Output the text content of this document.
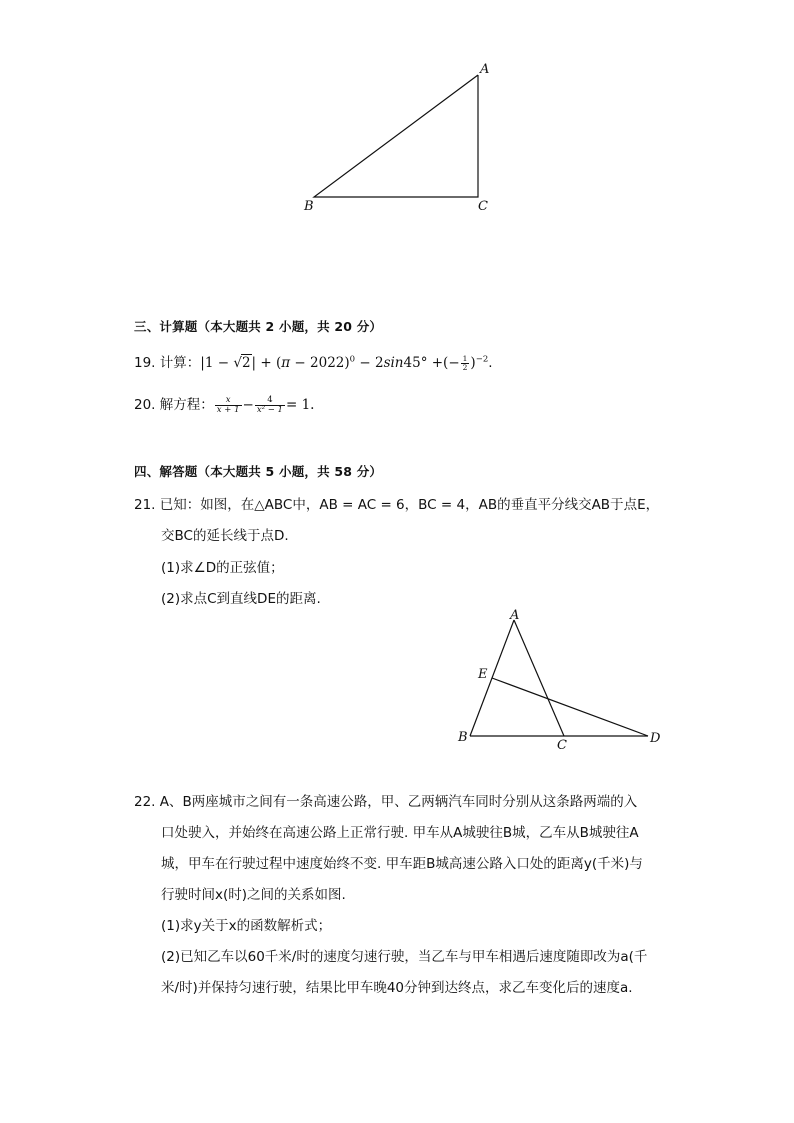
A
B	C
三、计算题（本大题共 2 小题，共 20 分）
19. 计算：$|1 - √2| + (\pi - 2022)^0 - 2\sin 45^\circ$ +(− $\frac{1}{2} )^{-2}$.
20. 解方程： $\frac{x}{x + 1} - \frac{4}{\text{x² − 1}} = 1$.
四、解答题（本大题共 5 小题，共 58 分）
21. 已知：如图，在△ABC中，AB = AC = 6，BC = 4，AB的垂直平分线交AB于点E，
交BC的延长线于点D.
(1)求∠D的正弦值；
(2)求点C到直线DE的距离.
A
E
B
C	D
22. A、B两座城市之间有一条高速公路，甲、乙两辆汽车同时分别从这条路两端的入
口处驶入，并始终在高速公路上正常行驶. 甲车从A城驶往B城，乙车从B城驶往A
城，甲车在行驶过程中速度始终不变. 甲车距B城高速公路入口处的距离y(千米)与
行驶时间x(时)之间的关系如图.
(1)求y关于x的函数解析式；
(2)已知乙车以60千米/时的速度匀速行驶，当乙车与甲车相遇后速度随即改为a(千
米/时)并保持匀速行驶，结果比甲车晚40分钟到达终点，求乙车变化后的速度a.
